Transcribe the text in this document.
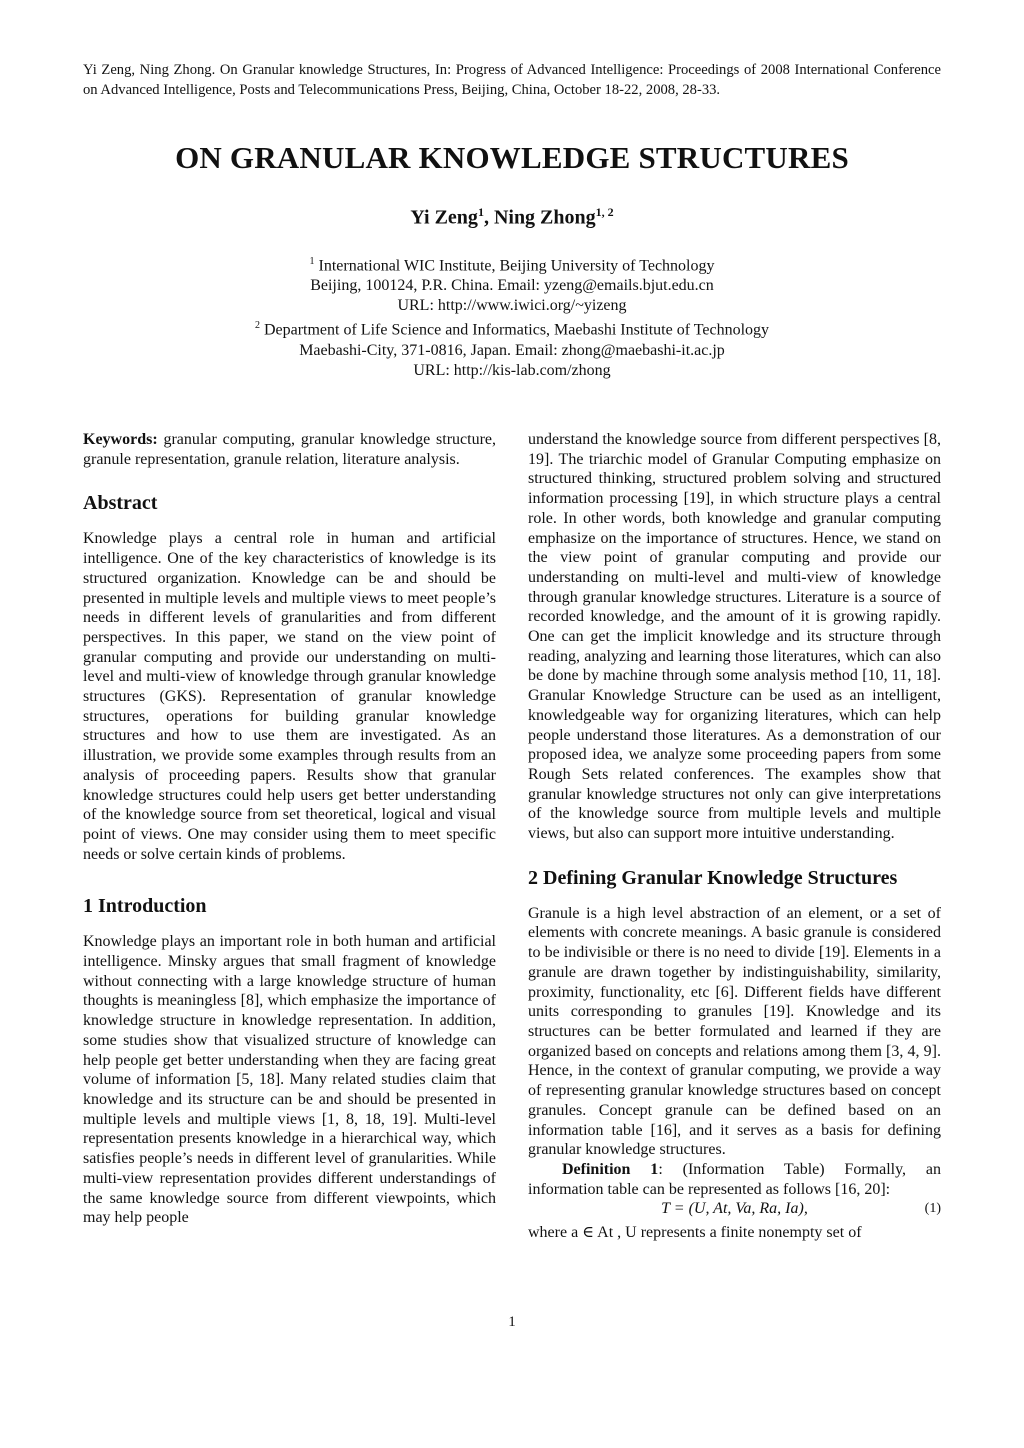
Yi Zeng, Ning Zhong. On Granular knowledge Structures, In: Progress of Advanced Intelligence: Proceedings of 2008 International Conference on Advanced Intelligence, Posts and Telecommunications Press, Beijing, China, October 18-22, 2008, 28-33.
ON GRANULAR KNOWLEDGE STRUCTURES
Yi Zeng$^1$, Ning Zhong$^{1, 2}$
$^1$ International WIC Institute, Beijing University of Technology
Beijing, 100124, P.R. China. Email: yzeng@emails.bjut.edu.cn
URL: http://www.iwici.org/~yizeng
$^2$ Department of Life Science and Informatics, Maebashi Institute of Technology
Maebashi-City, 371-0816, Japan. Email: zhong@maebashi-it.ac.jp
URL: http://kis-lab.com/zhong

Keywords: granular computing, granular knowledge structure, granule representation, granule relation, literature analysis.

Abstract

Knowledge plays a central role in human and artificial intelligence. One of the key characteristics of knowledge is its structured organization. Knowledge can be and should be presented in multiple levels and multiple views to meet people’s needs in different levels of granularities and from different perspectives. In this paper, we stand on the view point of granular computing and provide our understanding on multi-level and multi-view of knowledge through granular knowledge structures (GKS). Representation of granular knowledge structures, operations for building granular knowledge structures and how to use them are investigated. As an illustration, we provide some examples through results from an analysis of proceeding papers. Results show that granular knowledge structures could help users get better understanding of the knowledge source from set theoretical, logical and visual point of views. One may consider using them to meet specific needs or solve certain kinds of problems.

1 Introduction

Knowledge plays an important role in both human and artificial intelligence. Minsky argues that small fragment of knowledge without connecting with a large knowledge structure of human thoughts is meaningless [8], which emphasize the importance of knowledge structure in knowledge representation. In addition, some studies show that visualized structure of knowledge can help people get better understanding when they are facing great volume of information [5, 18]. Many related studies claim that knowledge and its structure can be and should be presented in multiple levels and multiple views [1, 8, 18, 19]. Multi-level representation presents knowledge in a hierarchical way, which satisfies people’s needs in different level of granularities. While multi-view representation provides different understandings of the same knowledge source from different viewpoints, which may help people

understand the knowledge source from different perspectives [8, 19]. The triarchic model of Granular Computing emphasize on structured thinking, structured problem solving and structured information processing [19], in which structure plays a central role. In other words, both knowledge and granular computing emphasize on the importance of structures. Hence, we stand on the view point of granular computing and provide our understanding on multi-level and multi-view of knowledge through granular knowledge structures. Literature is a source of recorded knowledge, and the amount of it is growing rapidly. One can get the implicit knowledge and its structure through reading, analyzing and learning those literatures, which can also be done by machine through some analysis method [10, 11, 18]. Granular Knowledge Structure can be used as an intelligent, knowledgeable way for organizing literatures, which can help people understand those literatures. As a demonstration of our proposed idea, we analyze some proceeding papers from some Rough Sets related conferences. The examples show that granular knowledge structures not only can give interpretations of the knowledge source from multiple levels and multiple views, but also can support more intuitive understanding.

2 Defining Granular Knowledge Structures

Granule is a high level abstraction of an element, or a set of elements with concrete meanings. A basic granule is considered to be indivisible or there is no need to divide [19]. Elements in a granule are drawn together by indistinguishability, similarity, proximity, functionality, etc [6]. Different fields have different units corresponding to granules [19]. Knowledge and its structures can be better formulated and learned if they are organized based on concepts and relations among them [3, 4, 9]. Hence, in the context of granular computing, we provide a way of representing granular knowledge structures based on concept granules. Concept granule can be defined based on an information table [16], and it serves as a basis for defining granular knowledge structures.

Definition 1: (Information Table) Formally, an information table can be represented as follows [16, 20]:

T = (U, At, Va, Ra, Ia),	(1)

where a ∈ At , U represents a finite nonempty set of

1
